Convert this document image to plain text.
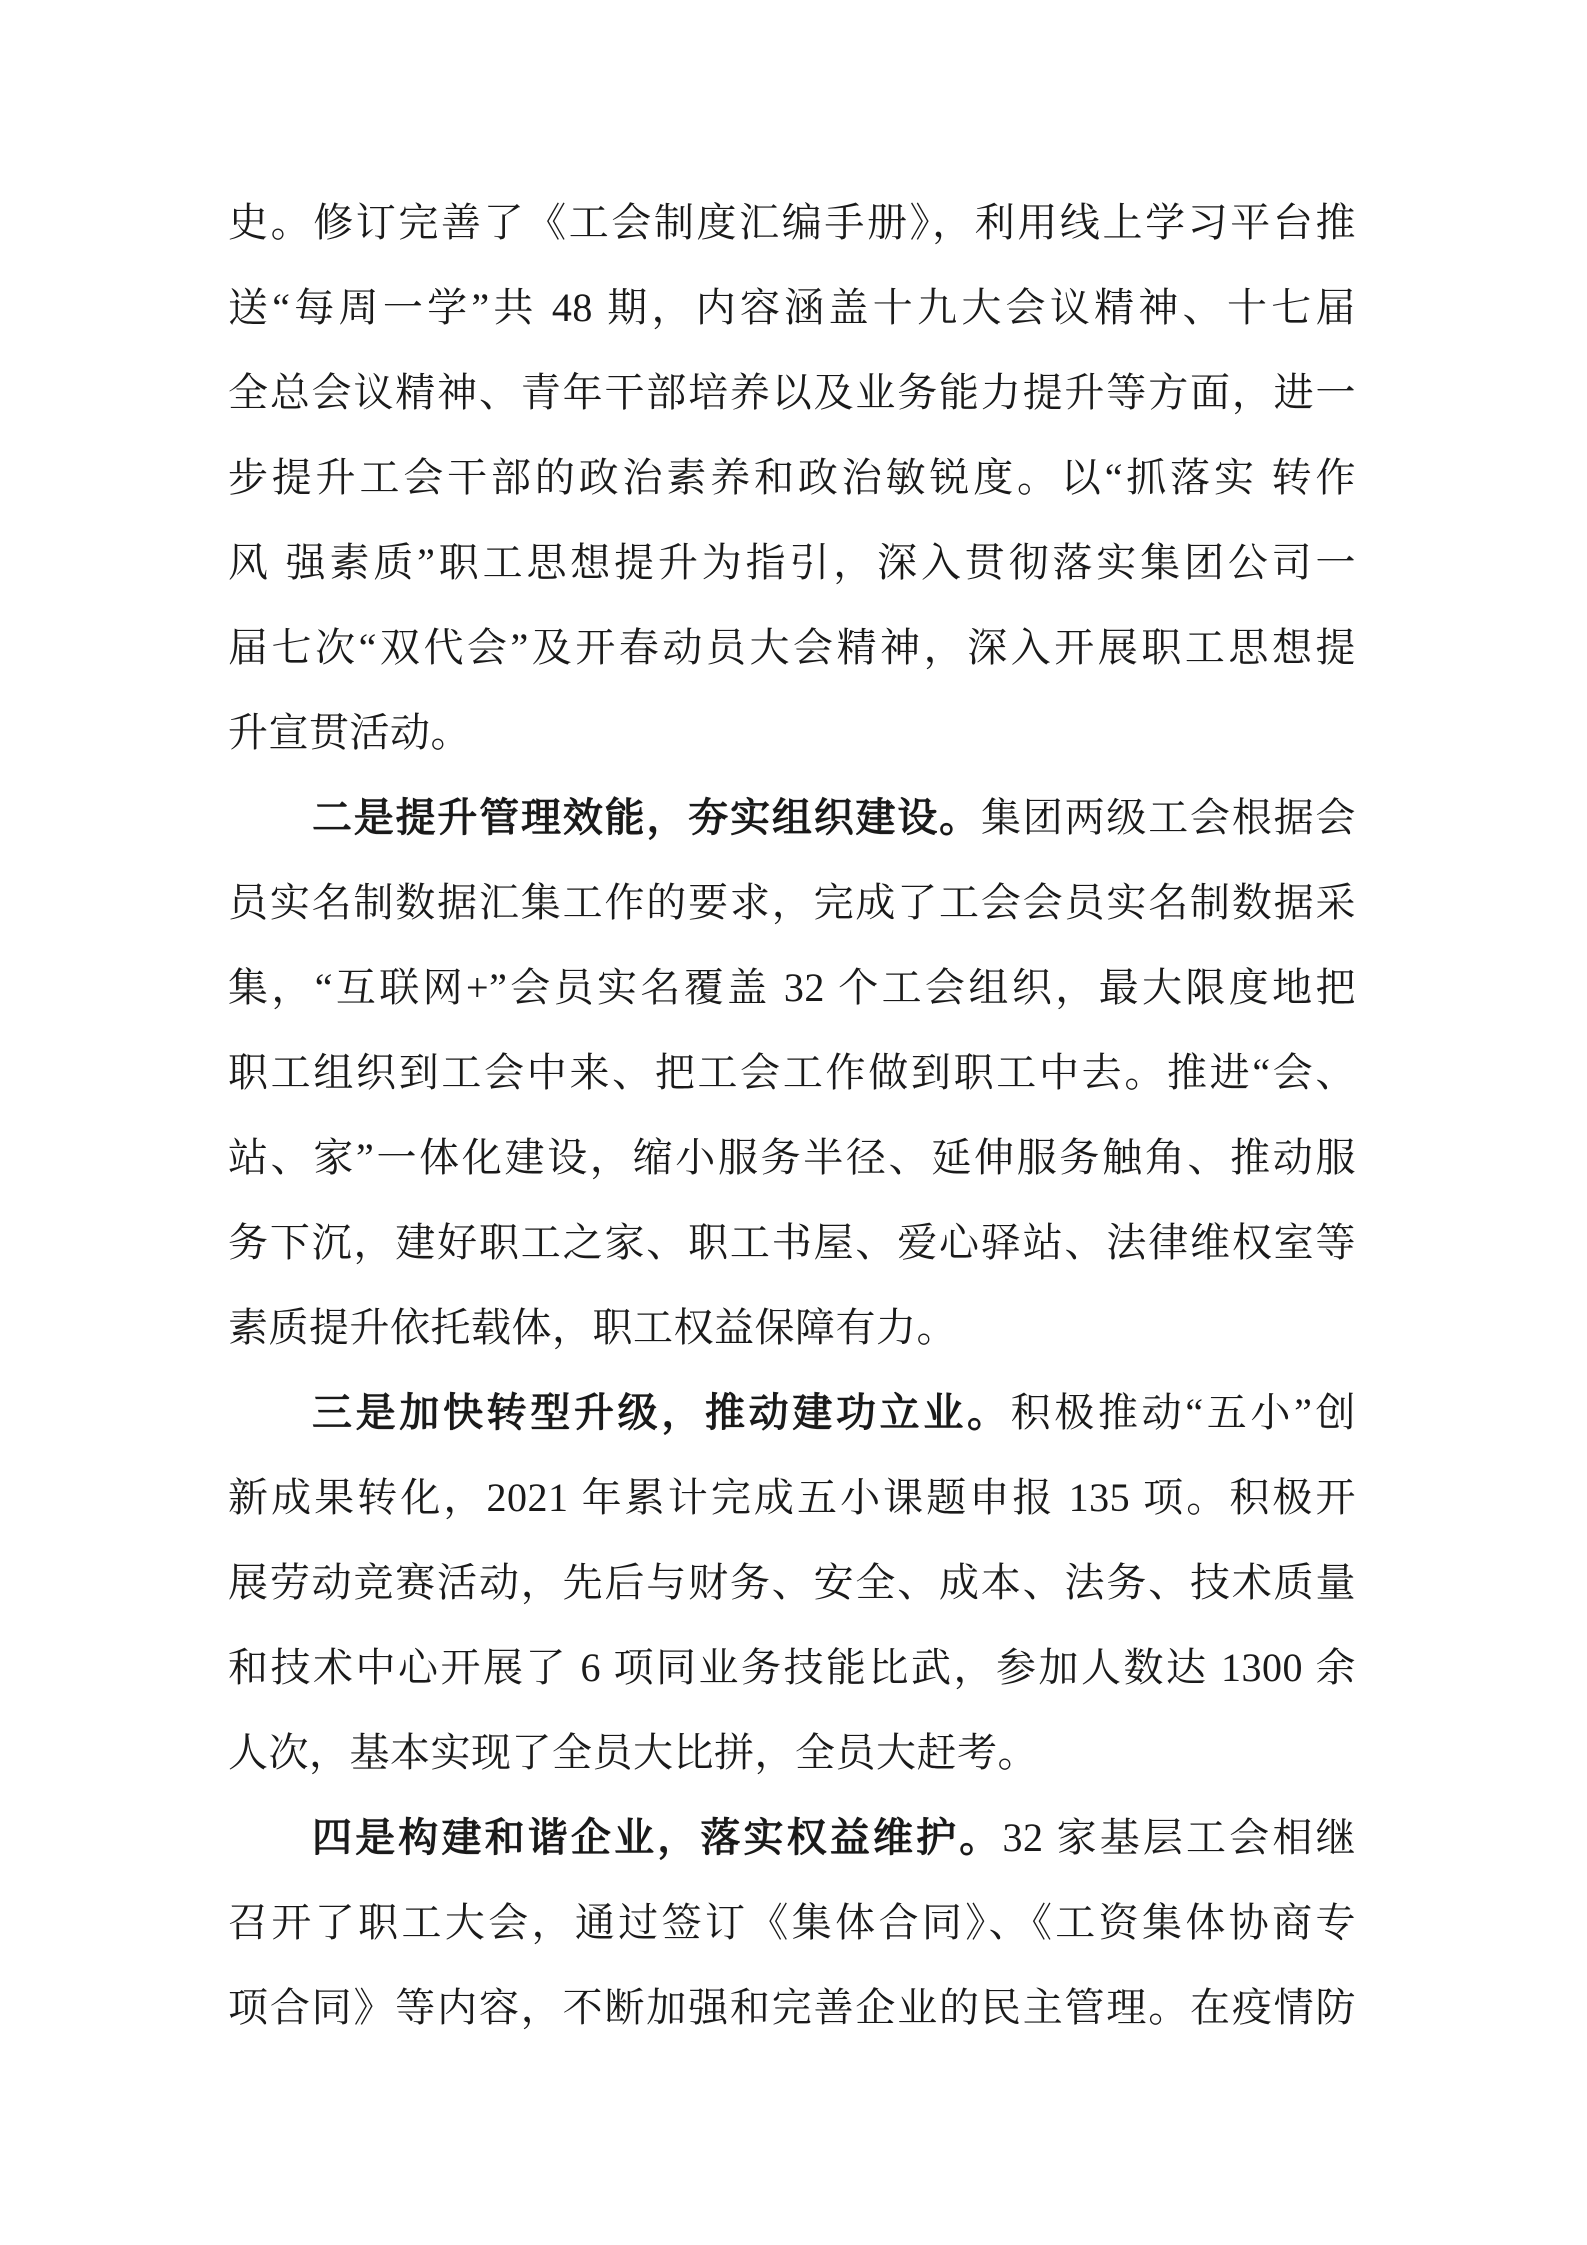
史。修订完善了《工会制度汇编手册》，利用线上学习平台推
送“每周一学”共 48 期，内容涵盖十九大会议精神、十七届
全总会议精神、青年干部培养以及业务能力提升等方面，进一
步提升工会干部的政治素养和政治敏锐度。以“抓落实 转作
风 强素质”职工思想提升为指引，深入贯彻落实集团公司一
届七次“双代会”及开春动员大会精神，深入开展职工思想提
升宣贯活动。
二是提升管理效能，夯实组织建设。集团两级工会根据会
员实名制数据汇集工作的要求，完成了工会会员实名制数据采
集，“互联网+”会员实名覆盖 32 个工会组织，最大限度地把
职工组织到工会中来、把工会工作做到职工中去。推进“会、
站、家”一体化建设，缩小服务半径、延伸服务触角、推动服
务下沉，建好职工之家、职工书屋、爱心驿站、法律维权室等
素质提升依托载体，职工权益保障有力。
三是加快转型升级，推动建功立业。积极推动“五小”创
新成果转化，2021 年累计完成五小课题申报 135 项。积极开
展劳动竞赛活动，先后与财务、安全、成本、法务、技术质量
和技术中心开展了 6 项同业务技能比武，参加人数达 1300 余
人次，基本实现了全员大比拼，全员大赶考。
四是构建和谐企业，落实权益维护。32 家基层工会相继
召开了职工大会，通过签订《集体合同》、《工资集体协商专
项合同》等内容，不断加强和完善企业的民主管理。在疫情防
